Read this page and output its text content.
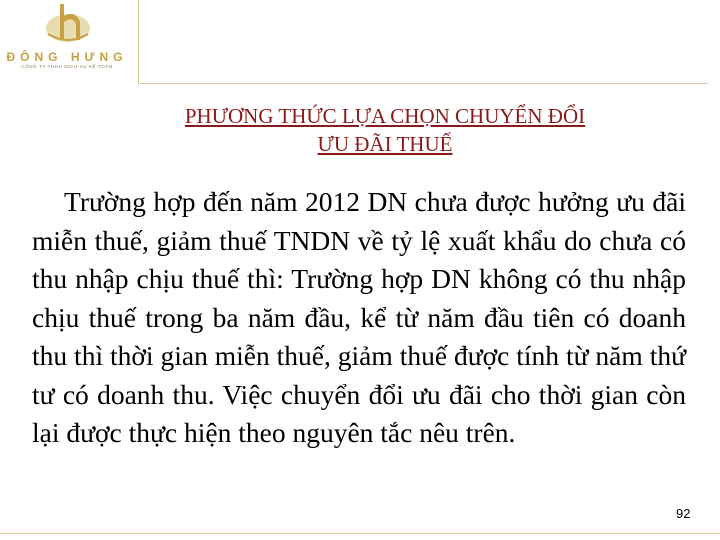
ĐÔNG HƯNG
CÔNG TY TNHH DỊCH VỤ KẾ TOÁN
PHƯƠNG THỨC LỰA CHỌN CHUYỂN ĐỔI
ƯU ĐÃI THUẾ
Trường hợp đến năm 2012 DN chưa được hưởng ưu đãi miễn thuế, giảm thuế TNDN về tỷ lệ xuất khẩu do chưa có thu nhập chịu thuế thì: Trường hợp DN không có thu nhập chịu thuế trong ba năm đầu, kể từ năm đầu tiên có doanh thu thì thời gian miễn thuế, giảm thuế được tính từ năm thứ tư có doanh thu. Việc chuyển đổi ưu đãi cho thời gian còn lại được thực hiện theo nguyên tắc nêu trên.
92
